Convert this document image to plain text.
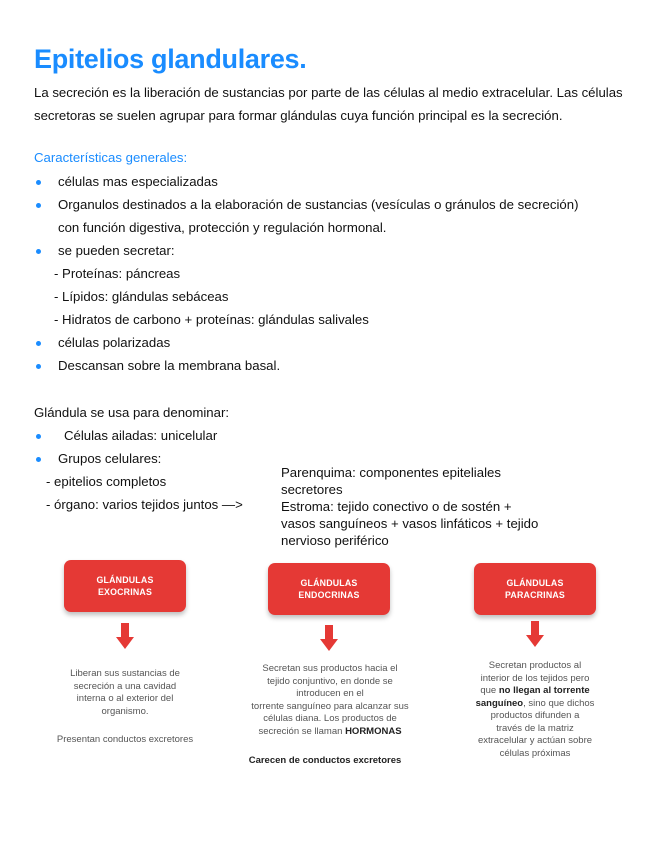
Epitelios glandulares.

La secreción es la liberación de sustancias por parte de las células al medio extracelular. Las células secretoras se suelen agrupar para formar glándulas cuya función principal es la secreción.

Características generales:
células mas especializadas
Organulos destinados a la elaboración de sustancias (vesículas o gránulos de secreción)
con función digestiva, protección y regulación hormonal.
se pueden secretar:
- Proteínas: páncreas
- Lípidos: glándulas sebáceas
- Hidratos de carbono + proteínas: glándulas salivales
células polarizadas
Descansan sobre la membrana basal.
Glándula se usa para denominar:
Células ailadas: unicelular
Grupos celulares:
- epitelios completos
- órgano: varios tejidos juntos —>
Parenquima: componentes epiteliales
secretores
Estroma: tejido conectivo o de sostén +
vasos sanguíneos + vasos linfáticos + tejido
nervioso periférico
GLÁNDULAS
EXOCRINAS
Liberan sus sustancias de
secreción a una cavidad
interna o al exterior del
organismo.
Presentan conductos excretores
GLÁNDULAS
ENDOCRINAS
Secretan sus productos hacia el
tejido conjuntivo, en donde se
introducen en el
torrente sanguíneo para alcanzar sus
células diana. Los productos de
secreción se llaman HORMONAS
Carecen de conductos excretores
GLÁNDULAS
PARACRINAS
Secretan productos al
interior de los tejidos pero
que no llegan al torrente
sanguíneo, sino que dichos
productos difunden a
través de la matriz
extracelular y actúan sobre
células próximas
